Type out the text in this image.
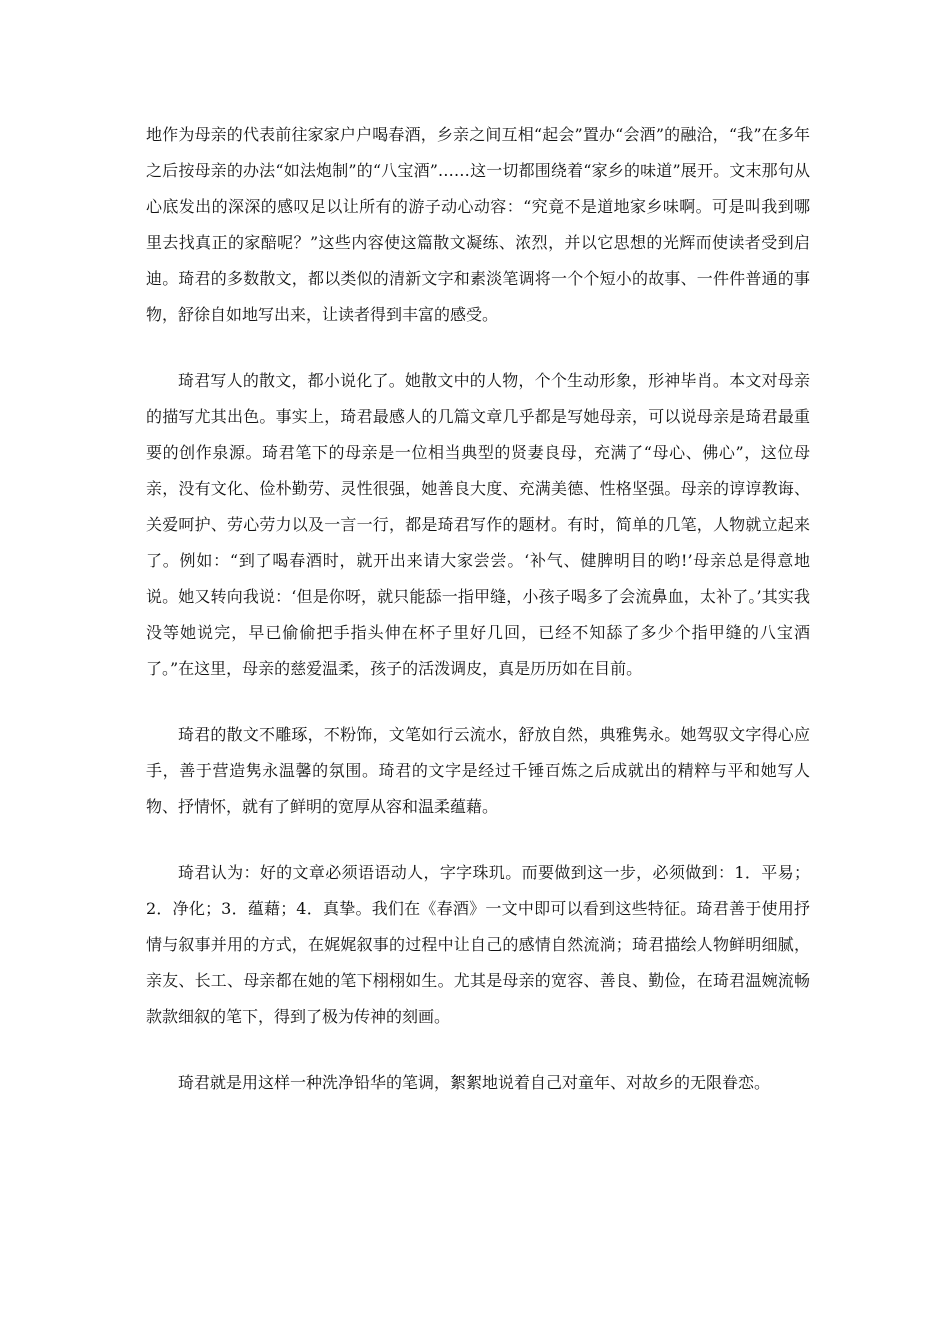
地作为母亲的代表前往家家户户喝春酒，乡亲之间互相“起会”置办“会酒”的融洽，“我”在多年之后按母亲的办法“如法炮制”的“八宝酒”……这一切都围绕着“家乡的味道”展开。文末那句从心底发出的深深的感叹足以让所有的游子动心动容：“究竟不是道地家乡味啊。可是叫我到哪里去找真正的家醅呢？”这些内容使这篇散文凝练、浓烈，并以它思想的光辉而使读者受到启迪。琦君的多数散文，都以类似的清新文字和素淡笔调将一个个短小的故事、一件件普通的事物，舒徐自如地写出来，让读者得到丰富的感受。

琦君写人的散文，都小说化了。她散文中的人物，个个生动形象，形神毕肖。本文对母亲的描写尤其出色。事实上，琦君最感人的几篇文章几乎都是写她母亲，可以说母亲是琦君最重要的创作泉源。琦君笔下的母亲是一位相当典型的贤妻良母，充满了“母心、佛心”，这位母亲，没有文化、俭朴勤劳、灵性很强，她善良大度、充满美德、性格坚强。母亲的谆谆教诲、关爱呵护、劳心劳力以及一言一行，都是琦君写作的题材。有时，简单的几笔，人物就立起来了。例如：“到了喝春酒时，就开出来请大家尝尝。‘补气、健脾明目的哟!’母亲总是得意地说。她又转向我说：‘但是你呀，就只能舔一指甲缝，小孩子喝多了会流鼻血，太补了。’其实我没等她说完，早已偷偷把手指头伸在杯子里好几回，已经不知舔了多少个指甲缝的八宝酒了。”在这里，母亲的慈爱温柔，孩子的活泼调皮，真是历历如在目前。

琦君的散文不雕琢，不粉饰，文笔如行云流水，舒放自然，典雅隽永。她驾驭文字得心应手，善于营造隽永温馨的氛围。琦君的文字是经过千锤百炼之后成就出的精粹与平和她写人物、抒情怀，就有了鲜明的宽厚从容和温柔蕴藉。

琦君认为：好的文章必须语语动人，字字珠玑。而要做到这一步，必须做到：1．平易；2．净化；3．蕴藉；4．真挚。我们在《春酒》一文中即可以看到这些特征。琦君善于使用抒情与叙事并用的方式，在娓娓叙事的过程中让自己的感情自然流淌；琦君描绘人物鲜明细腻，亲友、长工、母亲都在她的笔下栩栩如生。尤其是母亲的宽容、善良、勤俭，在琦君温婉流畅款款细叙的笔下，得到了极为传神的刻画。

琦君就是用这样一种洗净铅华的笔调，絮絮地说着自己对童年、对故乡的无限眷恋。
